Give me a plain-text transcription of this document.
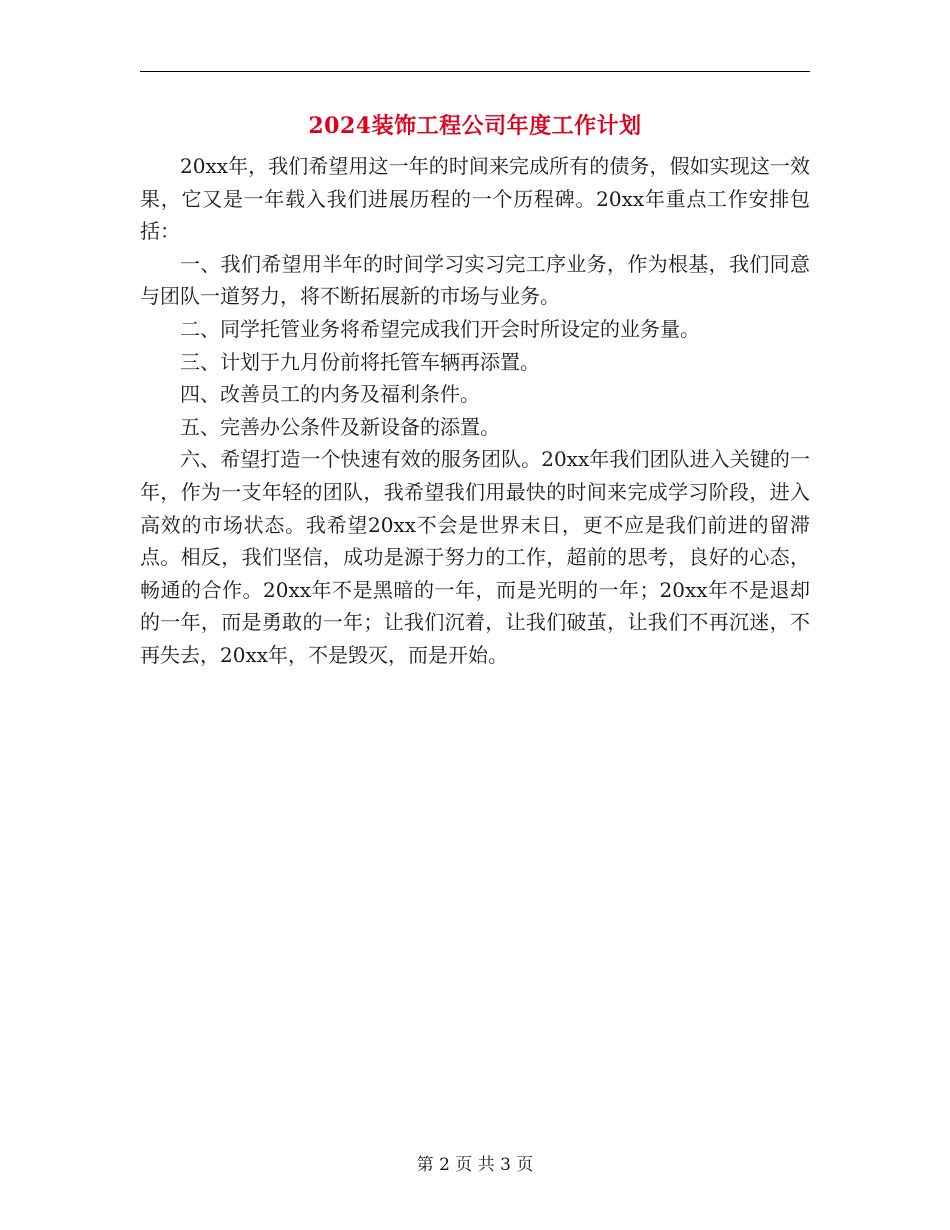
2024装饰工程公司年度工作计划

20xx年，我们希望用这一年的时间来完成所有的债务，假如实现这一效果，它又是一年载入我们进展历程的一个历程碑。20xx年重点工作安排包括：

一、我们希望用半年的时间学习实习完工序业务，作为根基，我们同意与团队一道努力，将不断拓展新的市场与业务。

二、同学托管业务将希望完成我们开会时所设定的业务量。

三、计划于九月份前将托管车辆再添置。

四、改善员工的内务及福利条件。

五、完善办公条件及新设备的添置。

六、希望打造一个快速有效的服务团队。20xx年我们团队进入关键的一年，作为一支年轻的团队，我希望我们用最快的时间来完成学习阶段，进入高效的市场状态。我希望20xx不会是世界末日，更不应是我们前进的留滞点。相反，我们坚信，成功是源于努力的工作，超前的思考，良好的心态，畅通的合作。20xx年不是黑暗的一年，而是光明的一年；20xx年不是退却的一年，而是勇敢的一年；让我们沉着，让我们破茧，让我们不再沉迷，不再失去，20xx年，不是毁灭，而是开始。

第 2 页 共 3 页
